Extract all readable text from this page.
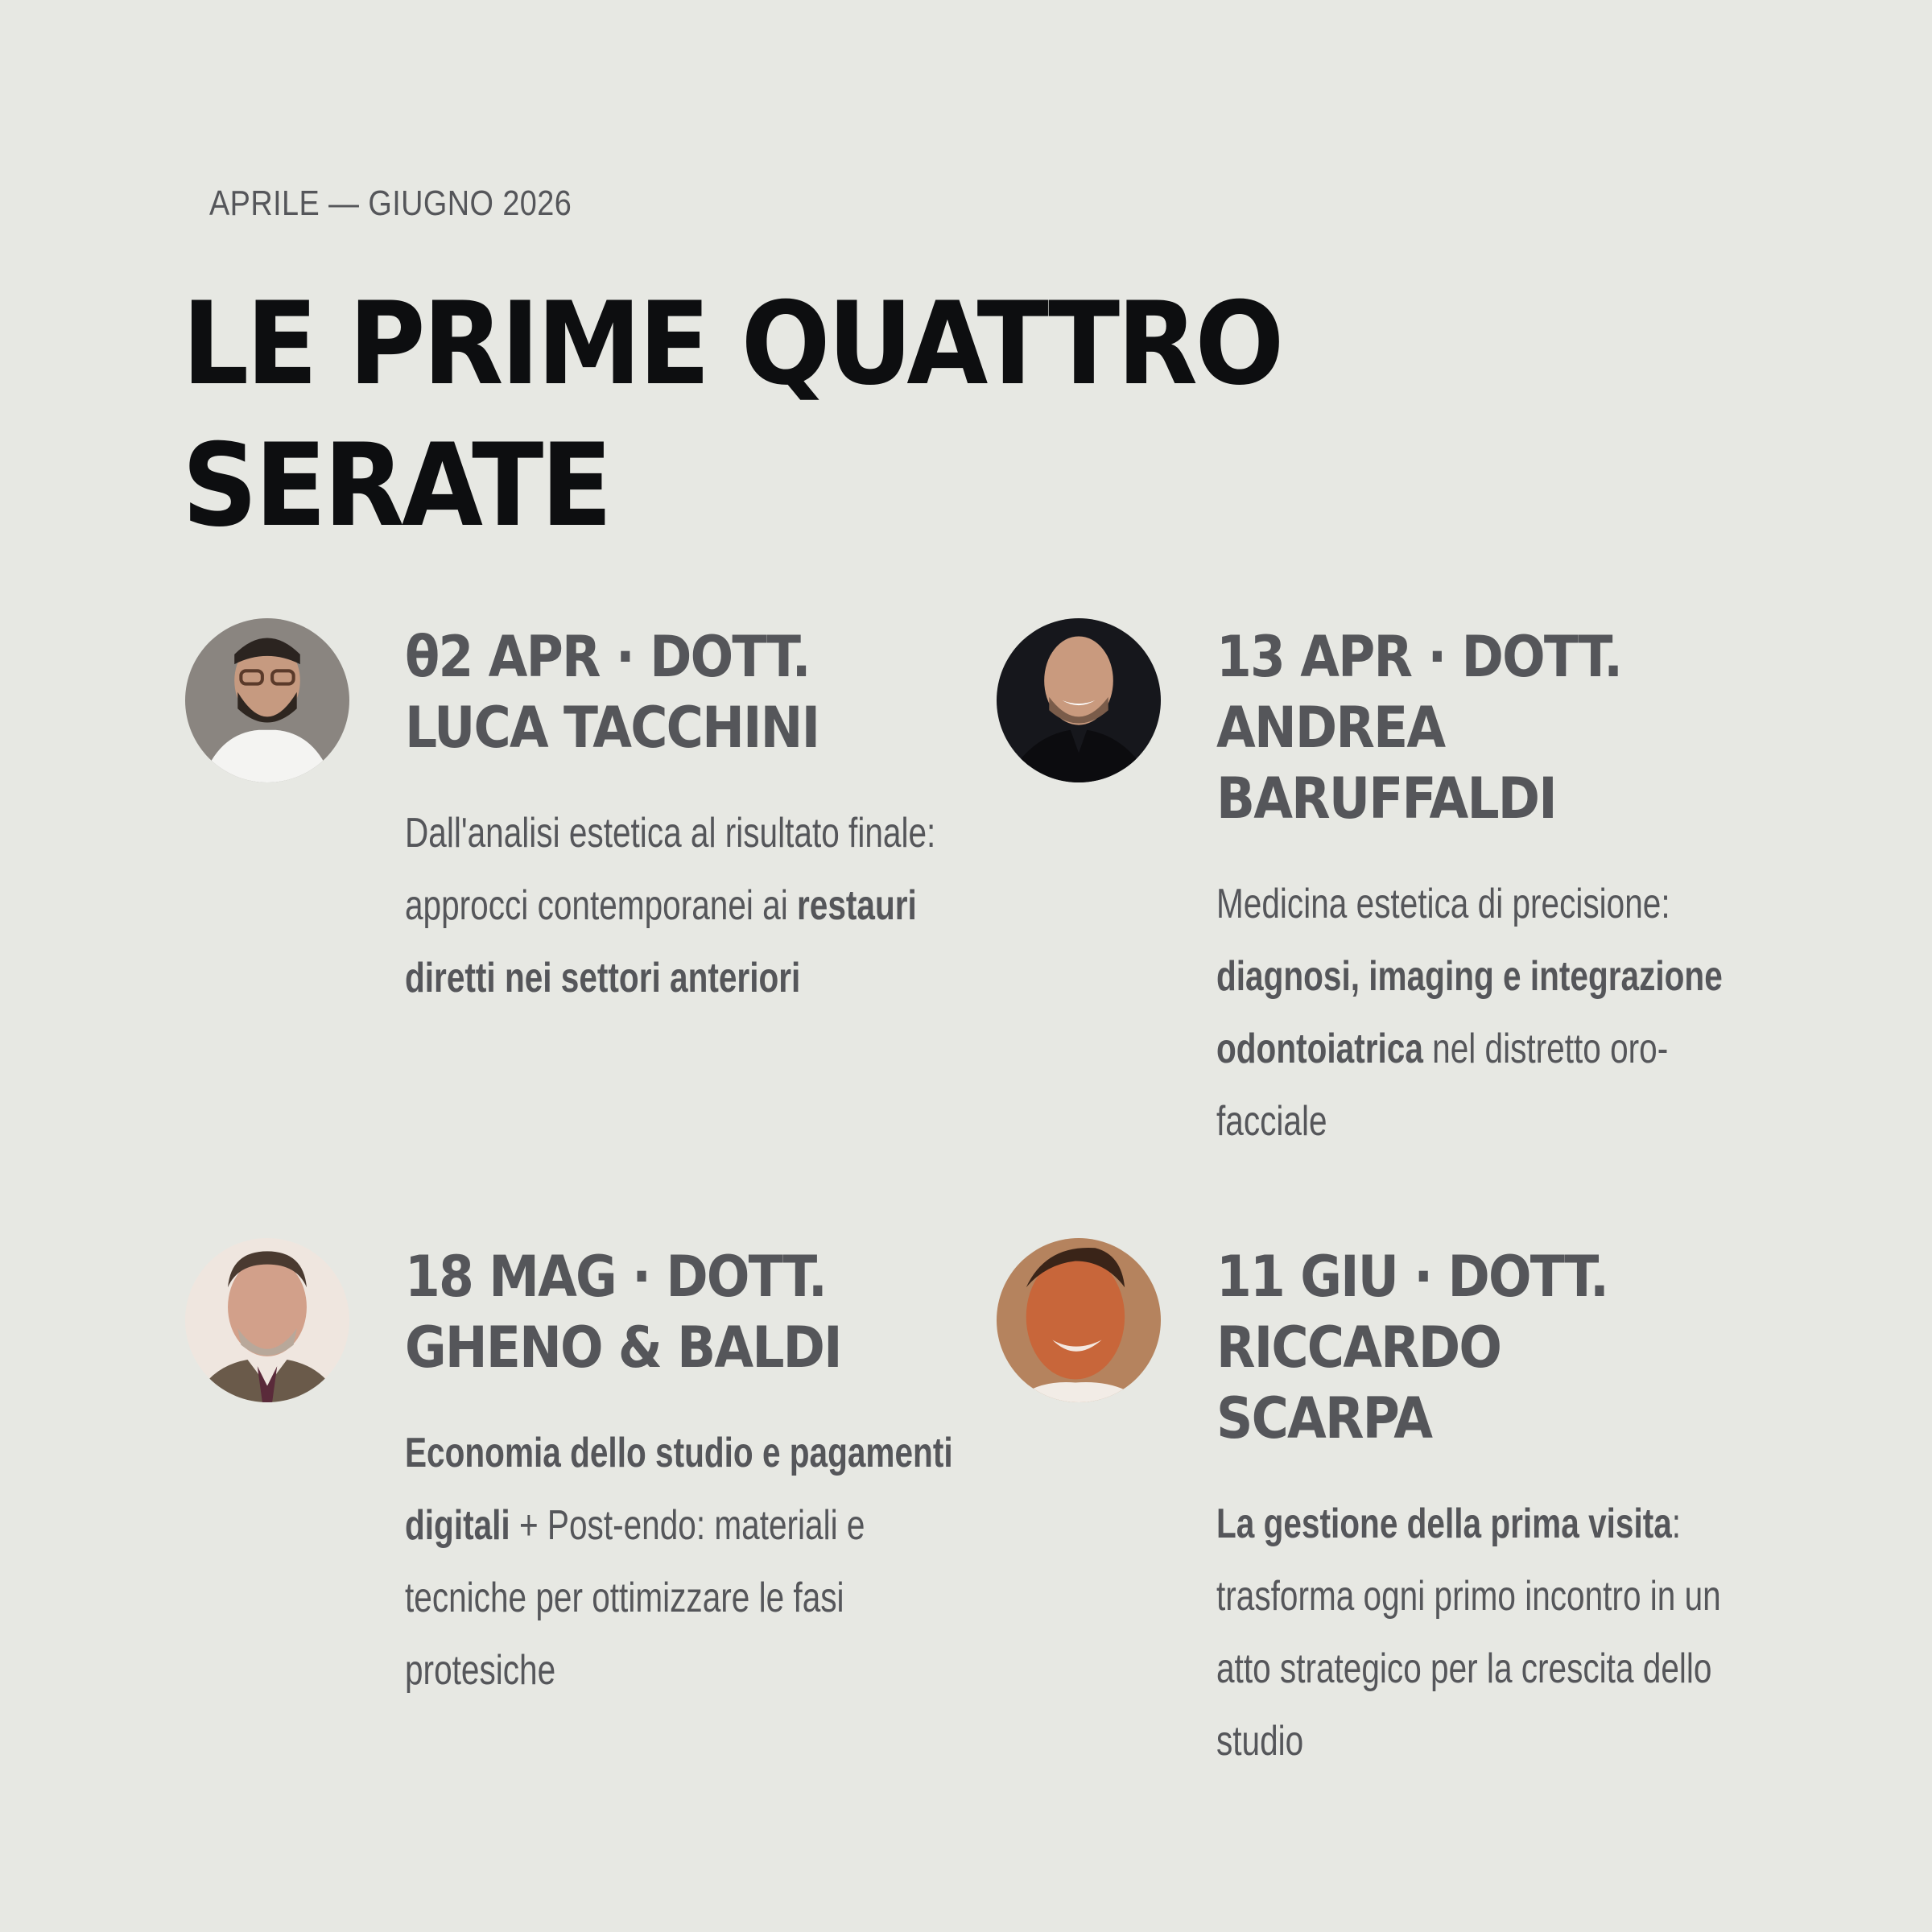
APRILE — GIUGNO 2026
LE PRIME QUATTRO
SERATE
θ2 APR · DOTT.
LUCA TACCHINI
Dall'analisi estetica al risultato finale: approcci contemporanei ai restauri diretti nei settori anteriori
13 APR · DOTT.
ANDREA
BARUFFALDI
Medicina estetica di precisione: diagnosi, imaging e integrazione odontoiatrica nel distretto oro-facciale
18 MAG · DOTT.
GHENO & BALDI
Economia dello studio e pagamenti digitali + Post-endo: materiali e tecniche per ottimizzare le fasi protesiche
11 GIU · DOTT.
RICCARDO
SCARPA
La gestione della prima visita: trasforma ogni primo incontro in un atto strategico per la crescita dello studio
